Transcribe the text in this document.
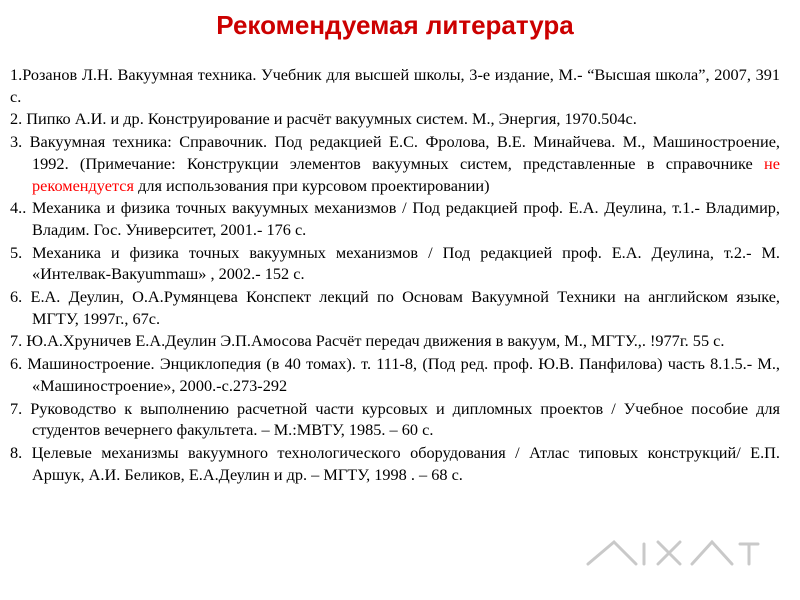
Рекомендуемая литература
1.Розанов Л.Н. Вакуумная техника. Учебник для высшей школы, 3-е издание, М.- “Высшая школа”, 2007, 391 с.
2. Пипко А.И. и др. Конструирование и расчёт вакуумных систем. М., Энергия, 1970.504с.
3. Вакуумная техника: Справочник. Под редакцией Е.С. Фролова, В.Е. Минайчева. М., Машиностроение, 1992. (Примечание: Конструкции элементов вакуумных систем, представленные в справочнике не рекомендуется для использования при курсовом проектировании)
4.. Механика и физика точных вакуумных механизмов / Под редакцией проф. Е.А. Деулина, т.1.- Владимир, Владим. Гос. Университет, 2001.- 176 с.
5. Механика и физика точных вакуумных механизмов / Под редакцией проф. Е.А. Деулина, т.2.- М. «Интелвак-Вакуummаш» , 2002.- 152 с.
6. Е.А. Деулин, О.А.Румянцева Конспект лекций по Основам Вакуумной Техники на английском языке, МГТУ, 1997г., 67с.
7. Ю.А.Хруничев Е.А.Деулин Э.П.Амосова Расчёт передач движения в вакуум, М., МГТУ.,. !977г. 55 с.
6. Машиностроение. Энциклопедия (в 40 томах). т. 111-8, (Под ред. проф. Ю.В. Панфилова) часть 8.1.5.- М., «Машиностроение», 2000.-с.273-292
7. Руководство к выполнению расчетной части курсовых и дипломных проектов / Учебное пособие для студентов вечернего факультета. – М.:МВТУ, 1985. – 60 с.
8. Целевые механизмы вакуумного технологического оборудования / Атлас типовых конструкций/ Е.П. Аршук, А.И. Беликов, Е.А.Деулин и др. – МГТУ, 1998 . – 68 с.
